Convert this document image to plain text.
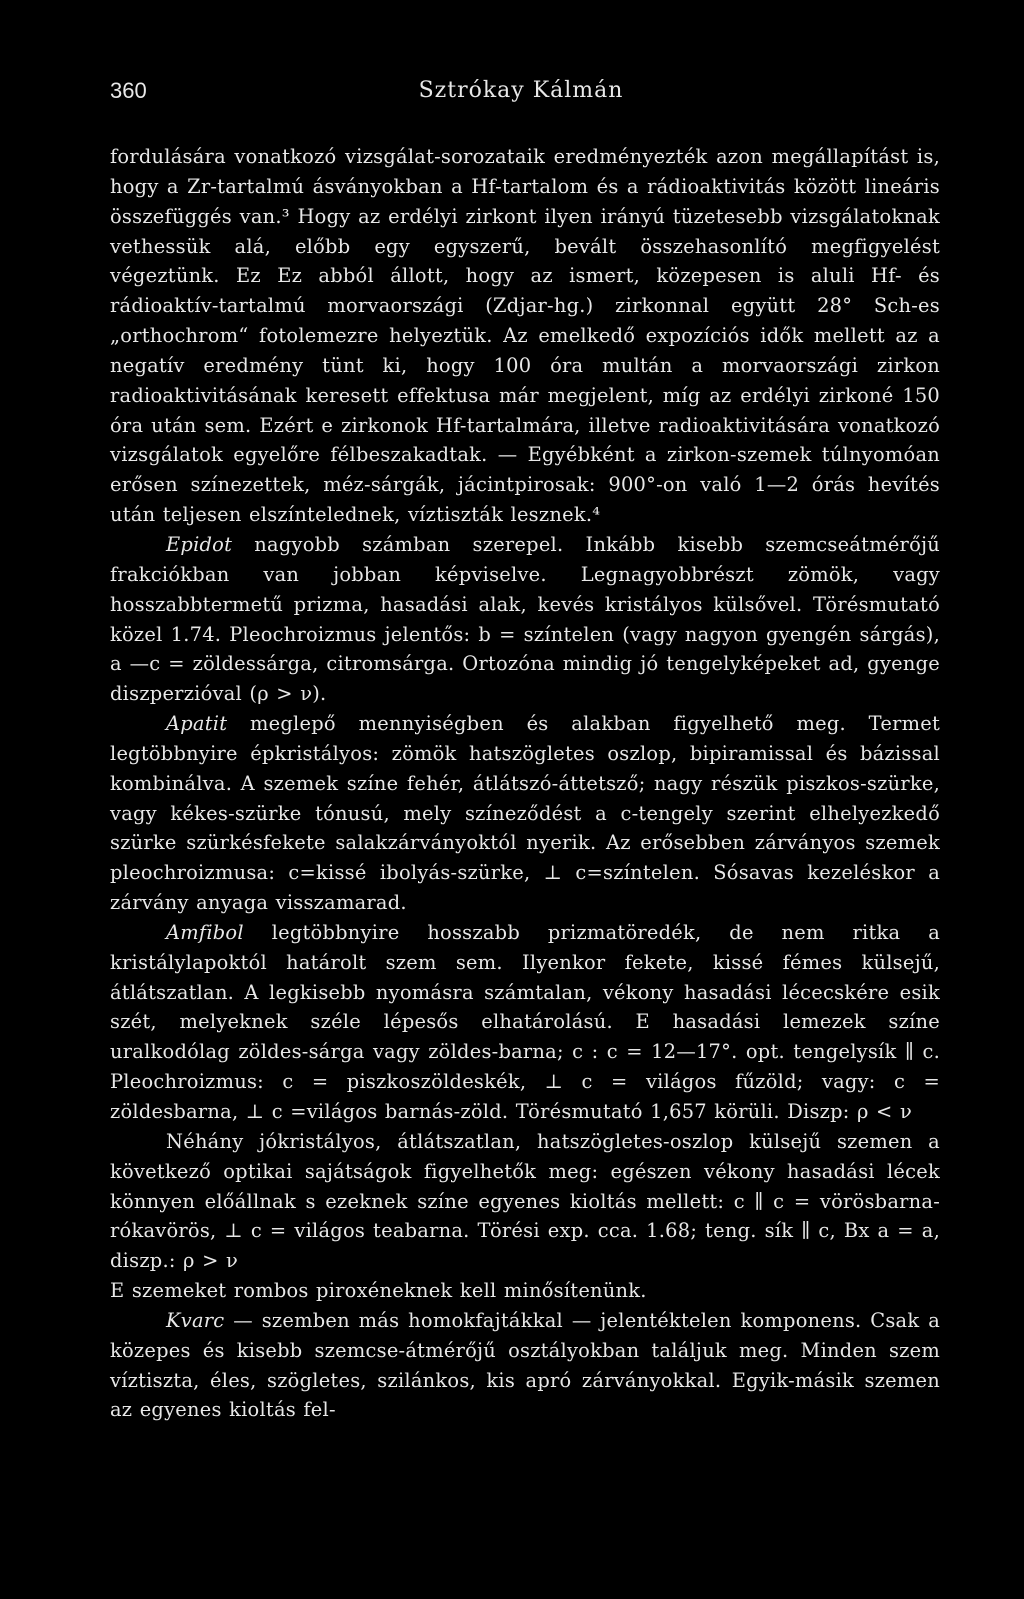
360	Sztrókay Kálmán

fordulására vonatkozó vizsgálat-sorozataik eredményezték azon megállapítást is, hogy a Zr-tartalmú ásványokban a Hf-tartalom és a rádioaktivitás között lineáris összefüggés van.³ Hogy az erdélyi zirkont ilyen irányú tüzetesebb vizsgálatoknak vethessük alá, előbb egy egyszerű, bevált összehasonlító megfigyelést végeztünk. Ez Ez abból állott, hogy az ismert, közepesen is aluli Hf- és rádioaktív-tartalmú morvaországi (Zdjar-hg.) zirkonnal együtt 28° Sch-es „orthochrom“ fotolemezre helyeztük. Az emelkedő expozíciós idők mellett az a negatív eredmény tünt ki, hogy 100 óra multán a morvaországi zirkon radioaktivitásának keresett effektusa már megjelent, míg az erdélyi zirkoné 150 óra után sem. Ezért e zirkonok Hf-tartalmára, illetve radioaktivitására vonatkozó vizsgálatok egyelőre félbeszakadtak. — Egyébként a zirkon-szemek túlnyomóan erősen színezettek, méz-sárgák, jácintpirosak: 900°-on való 1—2 órás hevítés után teljesen elszíntelednek, víztiszták lesznek.⁴

Epidot nagyobb számban szerepel. Inkább kisebb szemcseátmérőjű frakciókban van jobban képviselve. Legnagyobbrészt zömök, vagy hosszabbtermetű prizma, hasadási alak, kevés kristályos külsővel. Törésmutató közel 1.74. Pleochroizmus jelentős: b = színtelen (vagy nagyon gyengén sárgás), a —c = zöldessárga, citromsárga. Ortozóna mindig jó tengelyképeket ad, gyenge diszperzióval (ρ > ν).

Apatit meglepő mennyiségben és alakban figyelhető meg. Termet legtöbbnyire épkristályos: zömök hatszögletes oszlop, bipiramissal és bázissal kombinálva. A szemek színe fehér, átlátszó-áttetsző; nagy részük piszkos-szürke, vagy kékes-szürke tónusú, mely színeződést a c-tengely szerint elhelyezkedő szürke szürkésfekete salakzárványoktól nyerik. Az erősebben zárványos szemek pleochroizmusa: c=kissé ibolyás-szürke, ⊥ c=színtelen. Sósavas kezeléskor a zárvány anyaga visszamarad.

Amfibol legtöbbnyire hosszabb prizmatöredék, de nem ritka a kristálylapoktól határolt szem sem. Ilyenkor fekete, kissé fémes külsejű, átlátszatlan. A legkisebb nyomásra számtalan, vékony hasadási lécecskére esik szét, melyeknek széle lépesős elhatárolású. E hasadási lemezek színe uralkodólag zöldes-sárga vagy zöldes-barna; c : c = 12—17°. opt. tengelysík ∥ c. Pleochroizmus: c = piszkoszöldeskék, ⊥ c = világos fűzöld; vagy: c = zöldesbarna, ⊥ c =világos barnás-zöld. Törésmutató 1,657 körüli. Diszp: ρ < ν

Néhány jókristályos, átlátszatlan, hatszögletes-oszlop külsejű szemen a következő optikai sajátságok figyelhetők meg: egészen vékony hasadási lécek könnyen előállnak s ezeknek színe egyenes kioltás mellett: c ∥ c = vörösbarna-rókavörös, ⊥ c = világos teabarna. Törési exp. cca. 1.68; teng. sík ∥ c, Bx a = a, diszp.: ρ > ν

E szemeket rombos piroxéneknek kell minősítenünk.

Kvarc — szemben más homokfajtákkal — jelentéktelen komponens. Csak a közepes és kisebb szemcse-átmérőjű osztályokban találjuk meg. Minden szem víztiszta, éles, szögletes, szilánkos, kis apró zárványokkal. Egyik-másik szemen az egyenes kioltás fel-
